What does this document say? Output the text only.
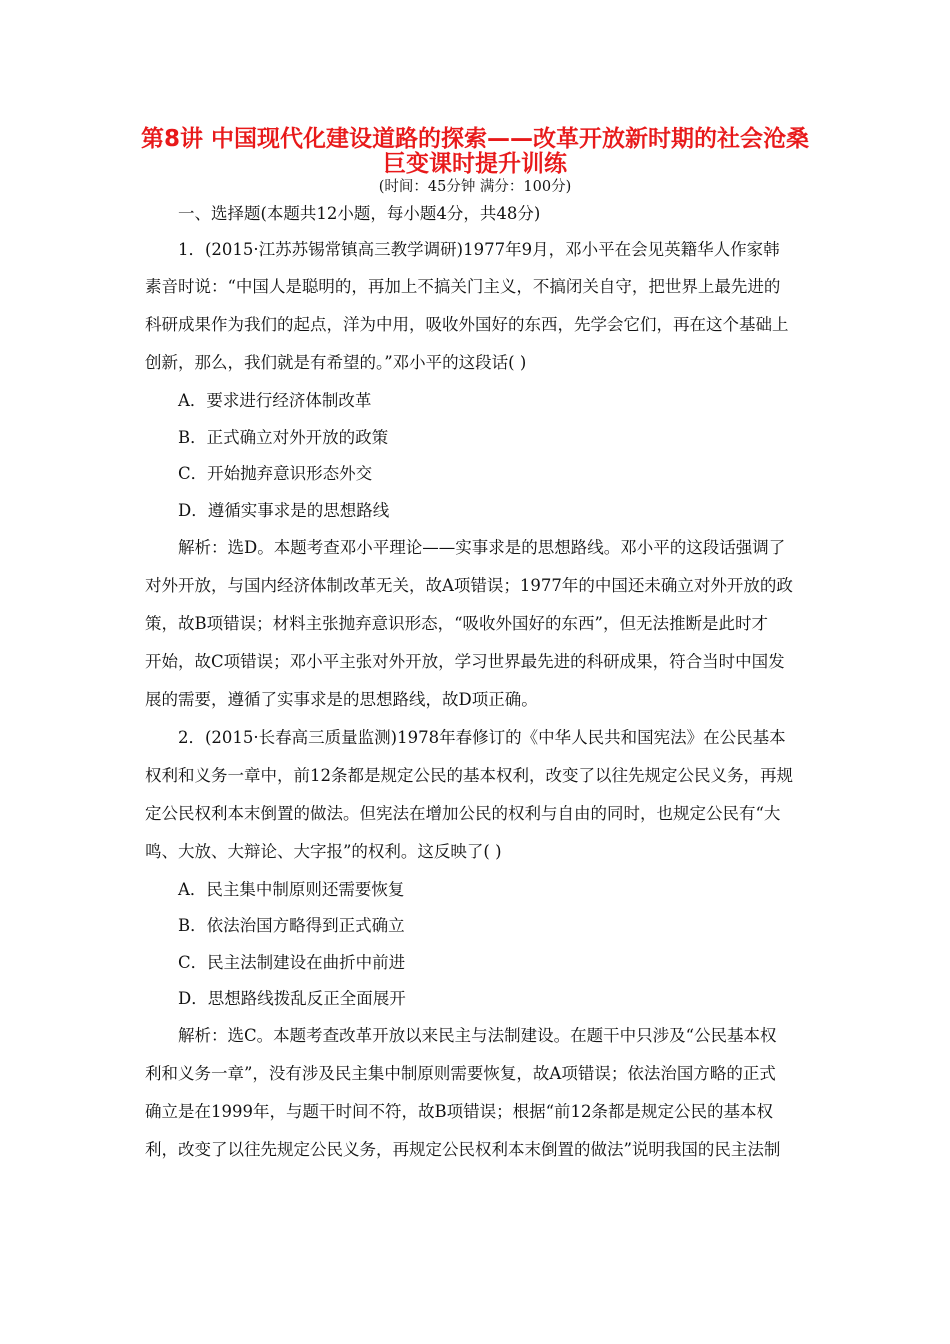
第8讲 中国现代化建设道路的探索——改革开放新时期的社会沧桑
巨变课时提升训练
(时间：45分钟 满分：100分)
一、选择题(本题共12小题，每小题4分，共48分)
1．(2015·江苏苏锡常镇高三教学调研)1977年9月，邓小平在会见英籍华人作家韩
素音时说：“中国人是聪明的，再加上不搞关门主义，不搞闭关自守，把世界上最先进的
科研成果作为我们的起点，洋为中用，吸收外国好的东西，先学会它们，再在这个基础上
创新，那么，我们就是有希望的。”邓小平的这段话( )
A．要求进行经济体制改革
B．正式确立对外开放的政策
C．开始抛弃意识形态外交
D．遵循实事求是的思想路线
解析：选D。本题考查邓小平理论——实事求是的思想路线。邓小平的这段话强调了
对外开放，与国内经济体制改革无关，故A项错误；1977年的中国还未确立对外开放的政
策，故B项错误；材料主张抛弃意识形态，“吸收外国好的东西”，但无法推断是此时才
开始，故C项错误；邓小平主张对外开放，学习世界最先进的科研成果，符合当时中国发
展的需要，遵循了实事求是的思想路线，故D项正确。
2．(2015·长春高三质量监测)1978年春修订的《中华人民共和国宪法》在公民基本
权利和义务一章中，前12条都是规定公民的基本权利，改变了以往先规定公民义务，再规
定公民权利本末倒置的做法。但宪法在增加公民的权利与自由的同时，也规定公民有“大
鸣、大放、大辩论、大字报”的权利。这反映了( )
A．民主集中制原则还需要恢复
B．依法治国方略得到正式确立
C．民主法制建设在曲折中前进
D．思想路线拨乱反正全面展开
解析：选C。本题考查改革开放以来民主与法制建设。在题干中只涉及“公民基本权
利和义务一章”，没有涉及民主集中制原则需要恢复，故A项错误；依法治国方略的正式
确立是在1999年，与题干时间不符，故B项错误；根据“前12条都是规定公民的基本权
利，改变了以往先规定公民义务，再规定公民权利本末倒置的做法”说明我国的民主法制
